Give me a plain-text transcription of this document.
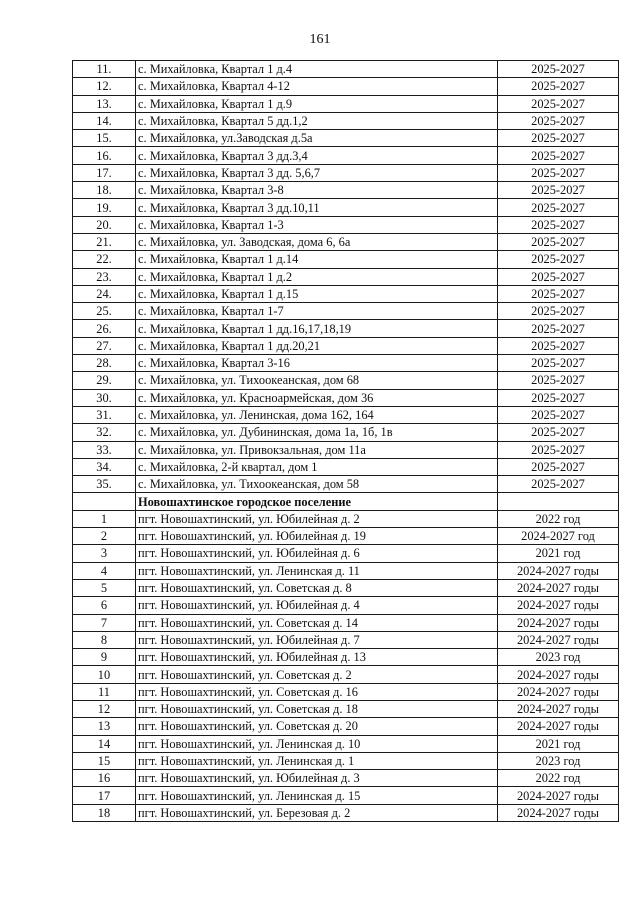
161
11.	с. Михайловка, Квартал 1 д.4	2025-2027
12.	с. Михайловка, Квартал 4-12	2025-2027
13.	с. Михайловка, Квартал 1 д.9	2025-2027
14.	с. Михайловка, Квартал 5 дд.1,2	2025-2027
15.	с. Михайловка, ул.Заводская д.5а	2025-2027
16.	с. Михайловка, Квартал 3 дд.3,4	2025-2027
17.	с. Михайловка, Квартал 3 дд. 5,6,7	2025-2027
18.	с. Михайловка, Квартал 3-8	2025-2027
19.	с. Михайловка, Квартал 3 дд.10,11	2025-2027
20.	с. Михайловка, Квартал 1-3	2025-2027
21.	с. Михайловка, ул. Заводская, дома 6, 6а	2025-2027
22.	с. Михайловка, Квартал 1 д.14	2025-2027
23.	с. Михайловка, Квартал 1 д.2	2025-2027
24.	с. Михайловка, Квартал 1 д.15	2025-2027
25.	с. Михайловка, Квартал 1-7	2025-2027
26.	с. Михайловка, Квартал 1 дд.16,17,18,19	2025-2027
27.	с. Михайловка, Квартал 1 дд.20,21	2025-2027
28.	с. Михайловка, Квартал 3-16	2025-2027
29.	с. Михайловка, ул. Тихоокеанская, дом 68	2025-2027
30.	с. Михайловка, ул. Красноармейская, дом 36	2025-2027
31.	с. Михайловка, ул. Ленинская, дома 162, 164	2025-2027
32.	с. Михайловка, ул. Дубининская, дома 1а, 1б, 1в	2025-2027
33.	с. Михайловка, ул. Привокзальная, дом 11а	2025-2027
34.	с. Михайловка, 2-й квартал, дом 1	2025-2027
35.	с. Михайловка, ул. Тихоокеанская, дом 58	2025-2027
	Новошахтинское городское поселение	
1	пгт. Новошахтинский, ул. Юбилейная д. 2	2022 год
2	пгт. Новошахтинский, ул. Юбилейная д. 19	2024-2027 год
3	пгт. Новошахтинский, ул. Юбилейная д. 6	2021 год
4	пгт. Новошахтинский, ул. Ленинская д. 11	2024-2027 годы
5	пгт. Новошахтинский, ул. Советская д. 8	2024-2027 годы
6	пгт. Новошахтинский, ул. Юбилейная д. 4	2024-2027 годы
7	пгт. Новошахтинский, ул. Советская д. 14	2024-2027 годы
8	пгт. Новошахтинский, ул. Юбилейная д. 7	2024-2027 годы
9	пгт. Новошахтинский, ул. Юбилейная д. 13	2023 год
10	пгт. Новошахтинский, ул. Советская д. 2	2024-2027 годы
11	пгт. Новошахтинский, ул. Советская д. 16	2024-2027 годы
12	пгт. Новошахтинский, ул. Советская д. 18	2024-2027 годы
13	пгт. Новошахтинский, ул. Советская д. 20	2024-2027 годы
14	пгт. Новошахтинский, ул. Ленинская д. 10	2021 год
15	пгт. Новошахтинский, ул. Ленинская д. 1	2023 год
16	пгт. Новошахтинский, ул. Юбилейная д. 3	2022 год
17	пгт. Новошахтинский, ул. Ленинская д. 15	2024-2027 годы
18	пгт. Новошахтинский, ул. Березовая д. 2	2024-2027 годы
